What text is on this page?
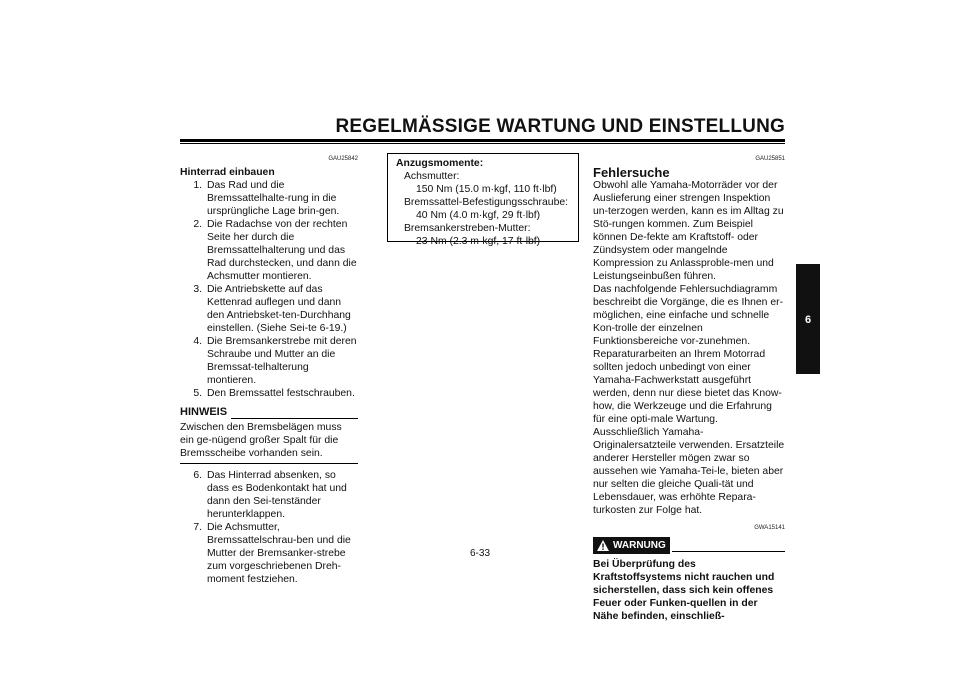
REGELMÄSSIGE WARTUNG UND EINSTELLUNG
GAU25842
Hinterrad einbauen
1. Das Rad und die Bremssattelhalte-rung in die ursprüngliche Lage brin-gen.
2. Die Radachse von der rechten Seite her durch die Bremssattelhalterung und das Rad durchstecken, und dann die Achsmutter montieren.
3. Die Antriebskette auf das Kettenrad auflegen und dann den Antriebsket-ten-Durchhang einstellen. (Siehe Sei-te 6-19.)
4. Die Bremsankerstrebe mit deren Schraube und Mutter an die Bremssat-telhalterung montieren.
5. Den Bremssattel festschrauben.
HINWEIS
Zwischen den Bremsbelägen muss ein ge-nügend großer Spalt für die Bremsscheibe vorhanden sein.
6. Das Hinterrad absenken, so dass es Bodenkontakt hat und dann den Sei-tenständer herunterklappen.
7. Die Achsmutter, Bremssattelschrau-ben und die Mutter der Bremsanker-strebe zum vorgeschriebenen Dreh-moment festziehen.
Anzugsmomente:
Achsmutter:
150 Nm (15.0 m·kgf, 110 ft·lbf)
Bremssattel-Befestigungsschraube:
40 Nm (4.0 m·kgf, 29 ft·lbf)
Bremsankerstreben-Mutter:
23 Nm (2.3 m·kgf, 17 ft·lbf)
GAU25851
Fehlersuche
Obwohl alle Yamaha-Motorräder vor der Auslieferung einer strengen Inspektion un-terzogen werden, kann es im Alltag zu Stö-rungen kommen. Zum Beispiel können De-fekte am Kraftstoff- oder Zündsystem oder mangelnde Kompression zu Anlassproble-men und Leistungseinbußen führen.
Das nachfolgende Fehlersuchdiagramm beschreibt die Vorgänge, die es Ihnen er-möglichen, eine einfache und schnelle Kon-trolle der einzelnen Funktionsbereiche vor-zunehmen. Reparaturarbeiten an Ihrem Motorrad sollten jedoch unbedingt von einer Yamaha-Fachwerkstatt ausgeführt werden, denn nur diese bietet das Know-how, die Werkzeuge und die Erfahrung für eine opti-male Wartung.
Ausschließlich Yamaha-Originalersatzteile verwenden. Ersatzteile anderer Hersteller mögen zwar so aussehen wie Yamaha-Tei-le, bieten aber nur selten die gleiche Quali-tät und Lebensdauer, was erhöhte Repara-turkosten zur Folge hat.
GWA15141
WARNUNG
Bei Überprüfung des Kraftstoffsystems nicht rauchen und sicherstellen, dass sich kein offenes Feuer oder Funken-quellen in der Nähe befinden, einschließ-
6
6-33
